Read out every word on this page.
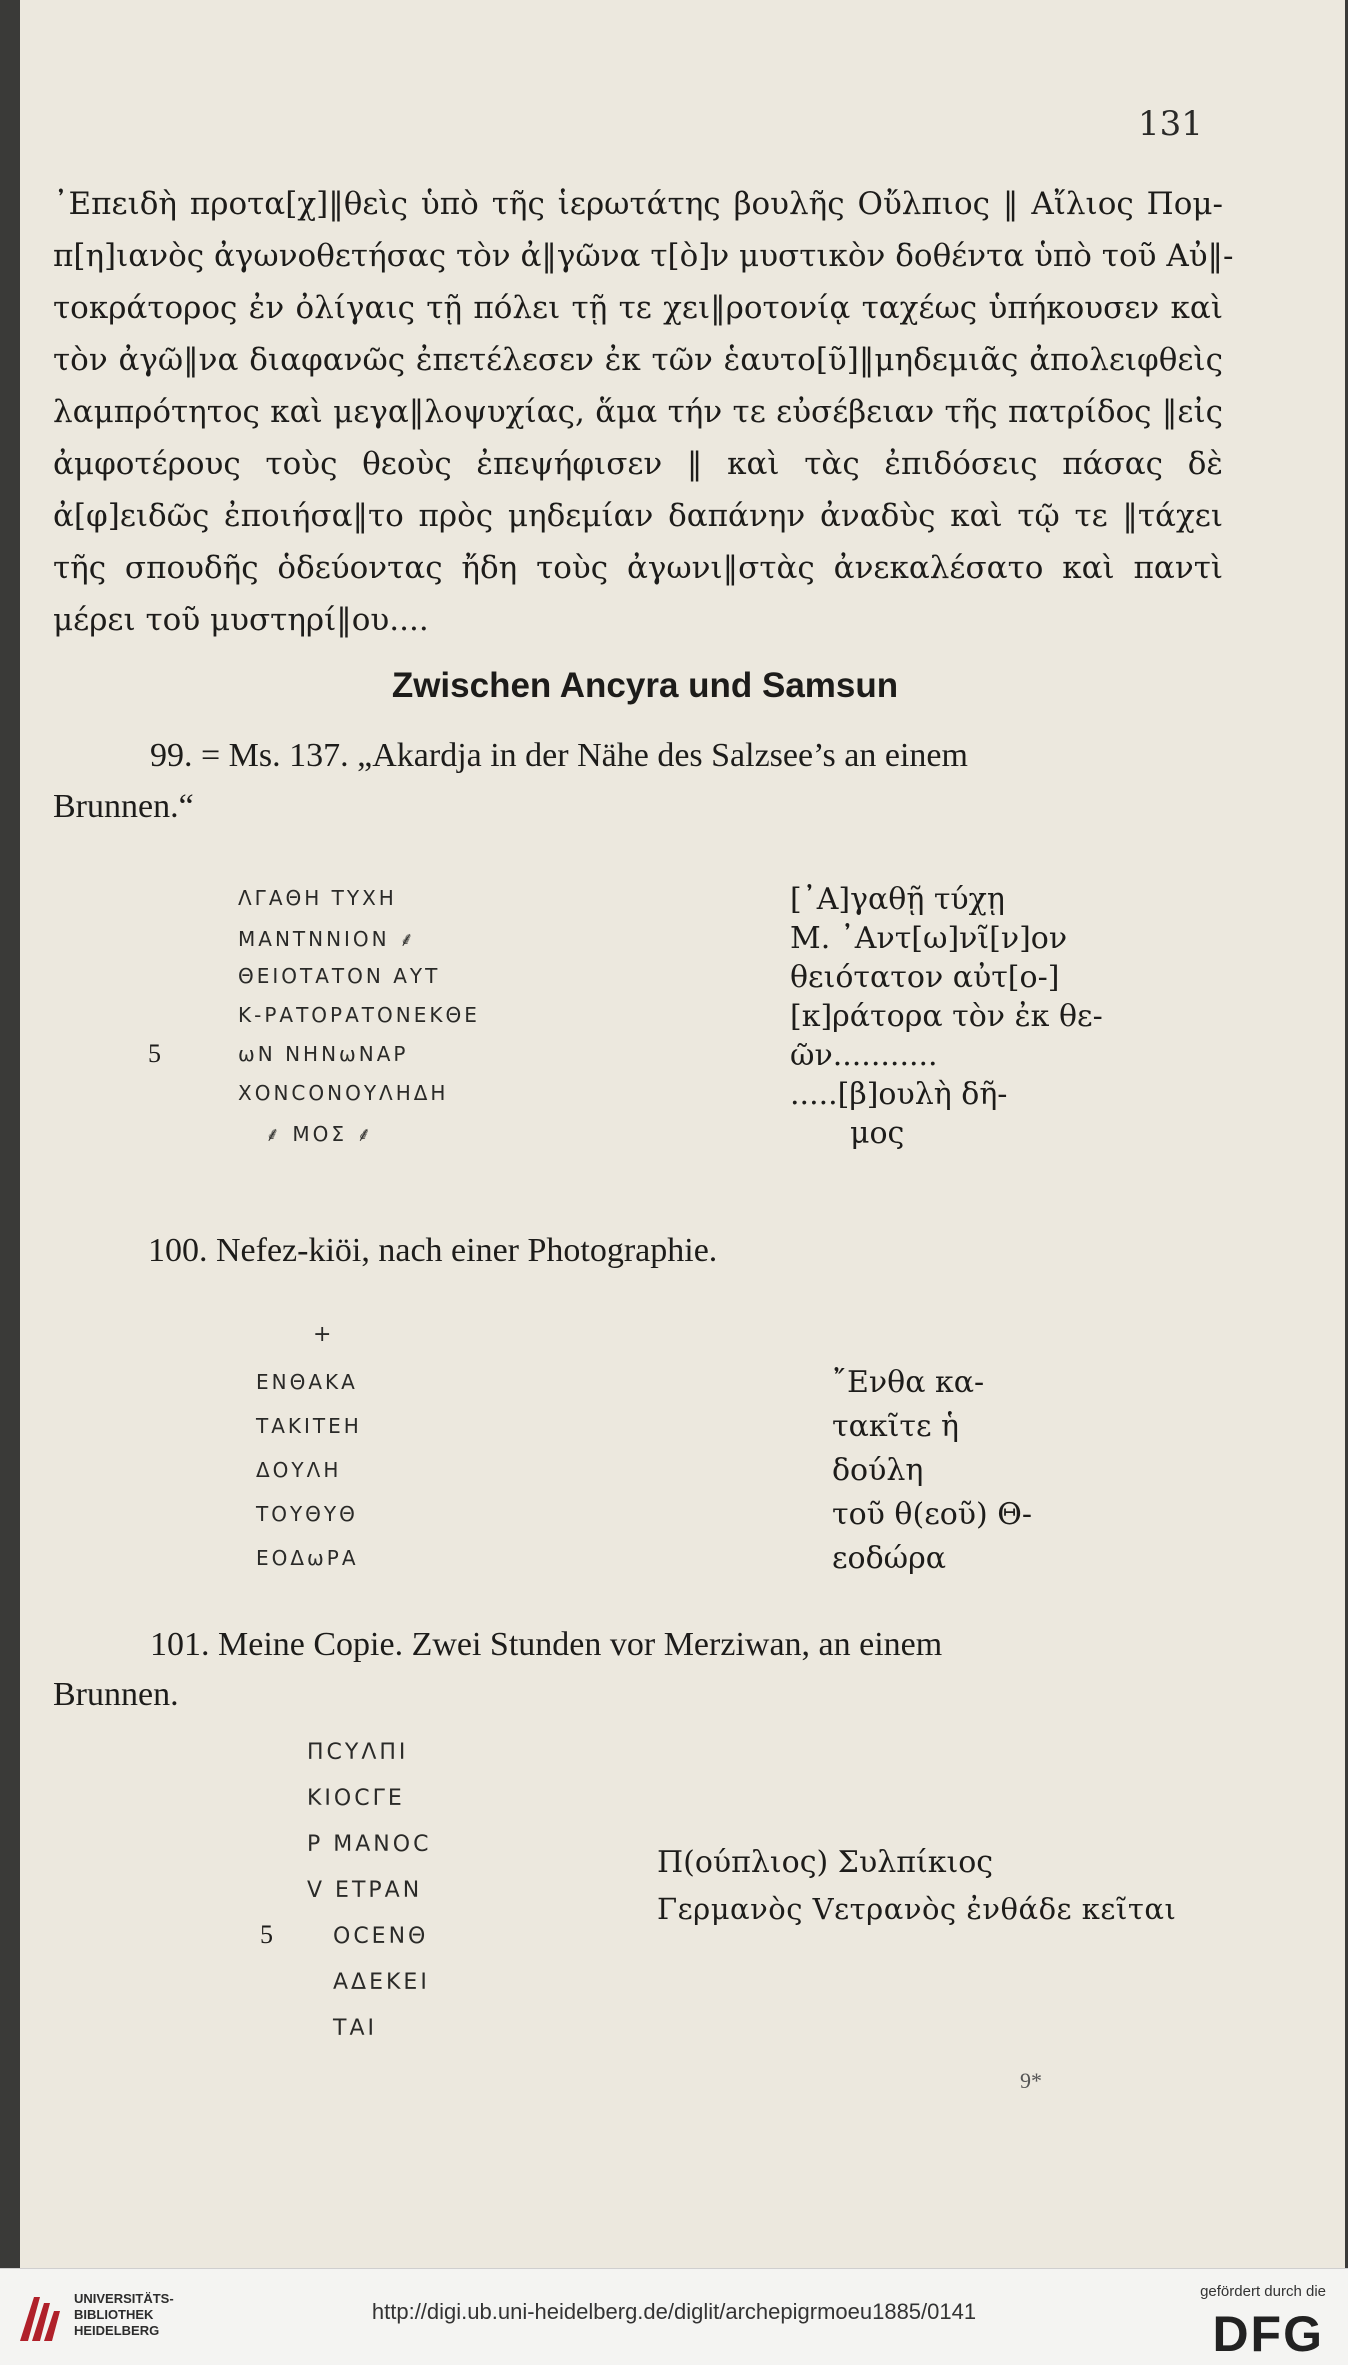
131
᾿Επειδὴ προτα[χ]‖θεὶς ὑπὸ τῆς ἱερωτάτης βουλῆς Οὔλπιος ‖ Αἴλιος Πομ-
π[η]ιανὸς ἀγωνοθετήσας τὸν ἀ‖γῶνα τ[ὸ]ν μυστικὸν δοθέντα ὑπὸ τοῦ Αὐ‖-
τοκράτορος ἐν ὀλίγαις τῇ πόλει τῇ τε χει‖ροτονίᾳ ταχέως ὑπήκουσεν καὶ
τὸν ἀγῶ‖να διαφανῶς ἐπετέλεσεν ἐκ τῶν ἑαυτο[ῦ]‖μηδεμιᾶς ἀπολειφθεὶς
λαμπρότητος καὶ μεγα‖λοψυχίας, ἅμα τήν τε εὐσέβειαν τῆς πατρίδος ‖εἰς
ἀμφοτέρους τοὺς θεοὺς ἐπεψήφισεν ‖ καὶ τὰς ἐπιδόσεις πάσας δὲ
ἀ[φ]ειδῶς ἐποιήσα‖το πρὸς μηδεμίαν δαπάνην ἀναδὺς καὶ τῷ τε ‖τάχει
τῆς σπουδῆς ὁδεύοντας ἤδη τοὺς ἀγωνι‖στὰς ἀνεκαλέσατο καὶ παντὶ
μέρει τοῦ μυστηρί‖ου....
Zwischen Ancyra und Samsun
99. = Ms. 137. „Akardja in der Nähe des Salzsee’s an einem
Brunnen.“
ΛΓΑΘΗ ΤΥΧΗ
ΜΑΝΤΝΝΙΟΝ ⸙
ΘΕΙΟΤΑΤΟΝ ΑΥΤ
Κ-ΡΑΤΟΡΑΤΟΝΕΚΘΕ
5	ωΝ ΝΗΝωΝΑΡ
ΧΟΝCΟΝΟΥΛΗΔΗ
⸙ ΜΟΣ ⸙
[᾿Α]γαθῇ τύχῃ
Μ. ᾿Αντ[ω]νῖ[ν]ον
θειότατον αὐτ[ο-]
[κ]ράτορα τὸν ἐκ θε-
ῶν...........
.....[β]ουλὴ δῆ-
μος
100. Nefez-kiöi, nach einer Photographie.
+
ΕΝΘΑΚΑ
ΤΑΚΙΤΕΗ
ΔΟΥΛΗ
ΤΟΥΘΥΘ
ΕΟΔωΡΑ
῎Ενθα κα-
τακῖτε ἡ
δούλη
τοῦ θ(εοῦ) Θ-
εοδώρα
101. Meine Copie. Zwei Stunden vor Merziwan, an einem
Brunnen.
ΠCΥΛΠΙ
ΚΙΟCΓΕ
Ρ ΜΑΝΟC
V ΕΤΡΑΝ
5	ΟCΕΝΘ
ΑΔΕΚΕΙ
ΤΑΙ
Π(ούπλιος) Συλπίκιος
Γερμανὸς Vετρανὸς ἐνθάδε κεῖται
9*
UNIVERSITÄTS-
BIBLIOTHEK
HEIDELBERG
http://digi.ub.uni-heidelberg.de/diglit/archepigrmoeu1885/0141
gefördert durch die
DFG
